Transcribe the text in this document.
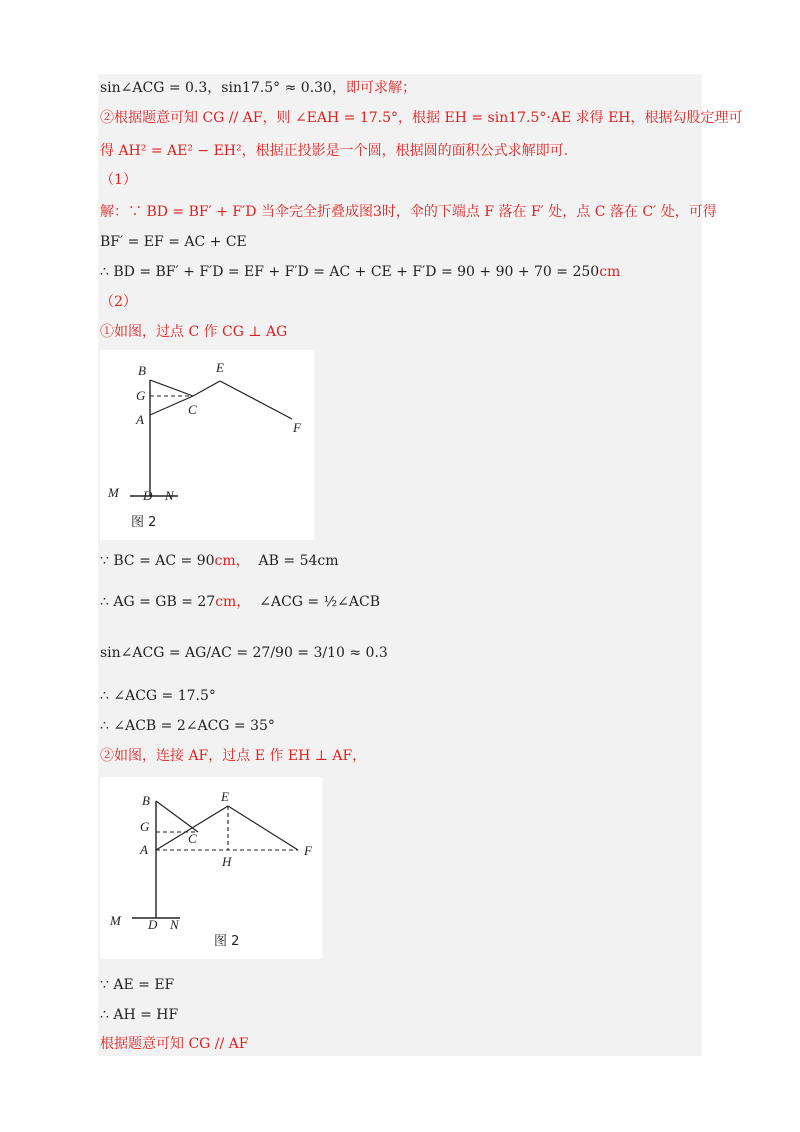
sin∠ACG = 0.3，sin17.5° ≈ 0.30，即可求解；
②根据题意可知 CG // AF，则 ∠EAH = 17.5°，根据 EH = sin17.5°·AE 求得 EH，根据勾股定理可
得 AH² = AE² − EH²，根据正投影是一个圆，根据圆的面积公式求解即可.
（1）
解：∵ BD = BF′ + F′D 当伞完全折叠成图3时，伞的下端点 F 落在 F′ 处，点 C 落在 C′ 处，可得
BF′ = EF = AC + CE
∴ BD = BF′ + F′D = EF + F′D = AC + CE + F′D = 90 + 90 + 70 = 250cm
（2）
①如图，过点 C 作 CG ⊥ AG
B
G
A
C
E
F
M D N
图 2
∵ BC = AC = 90cm， AB = 54cm
∴ AG = GB = 27cm， ∠ACG = ½∠ACB
sin∠ACG = AG/AC = 27/90 = 3/10 ≈ 0.3
∴ ∠ACG = 17.5°
∴ ∠ACB = 2∠ACG = 35°
②如图，连接 AF，过点 E 作 EH ⊥ AF，
B
G
A
C
E
F
H
M D N
图 2
∵ AE = EF
∴ AH = HF
根据题意可知 CG // AF
